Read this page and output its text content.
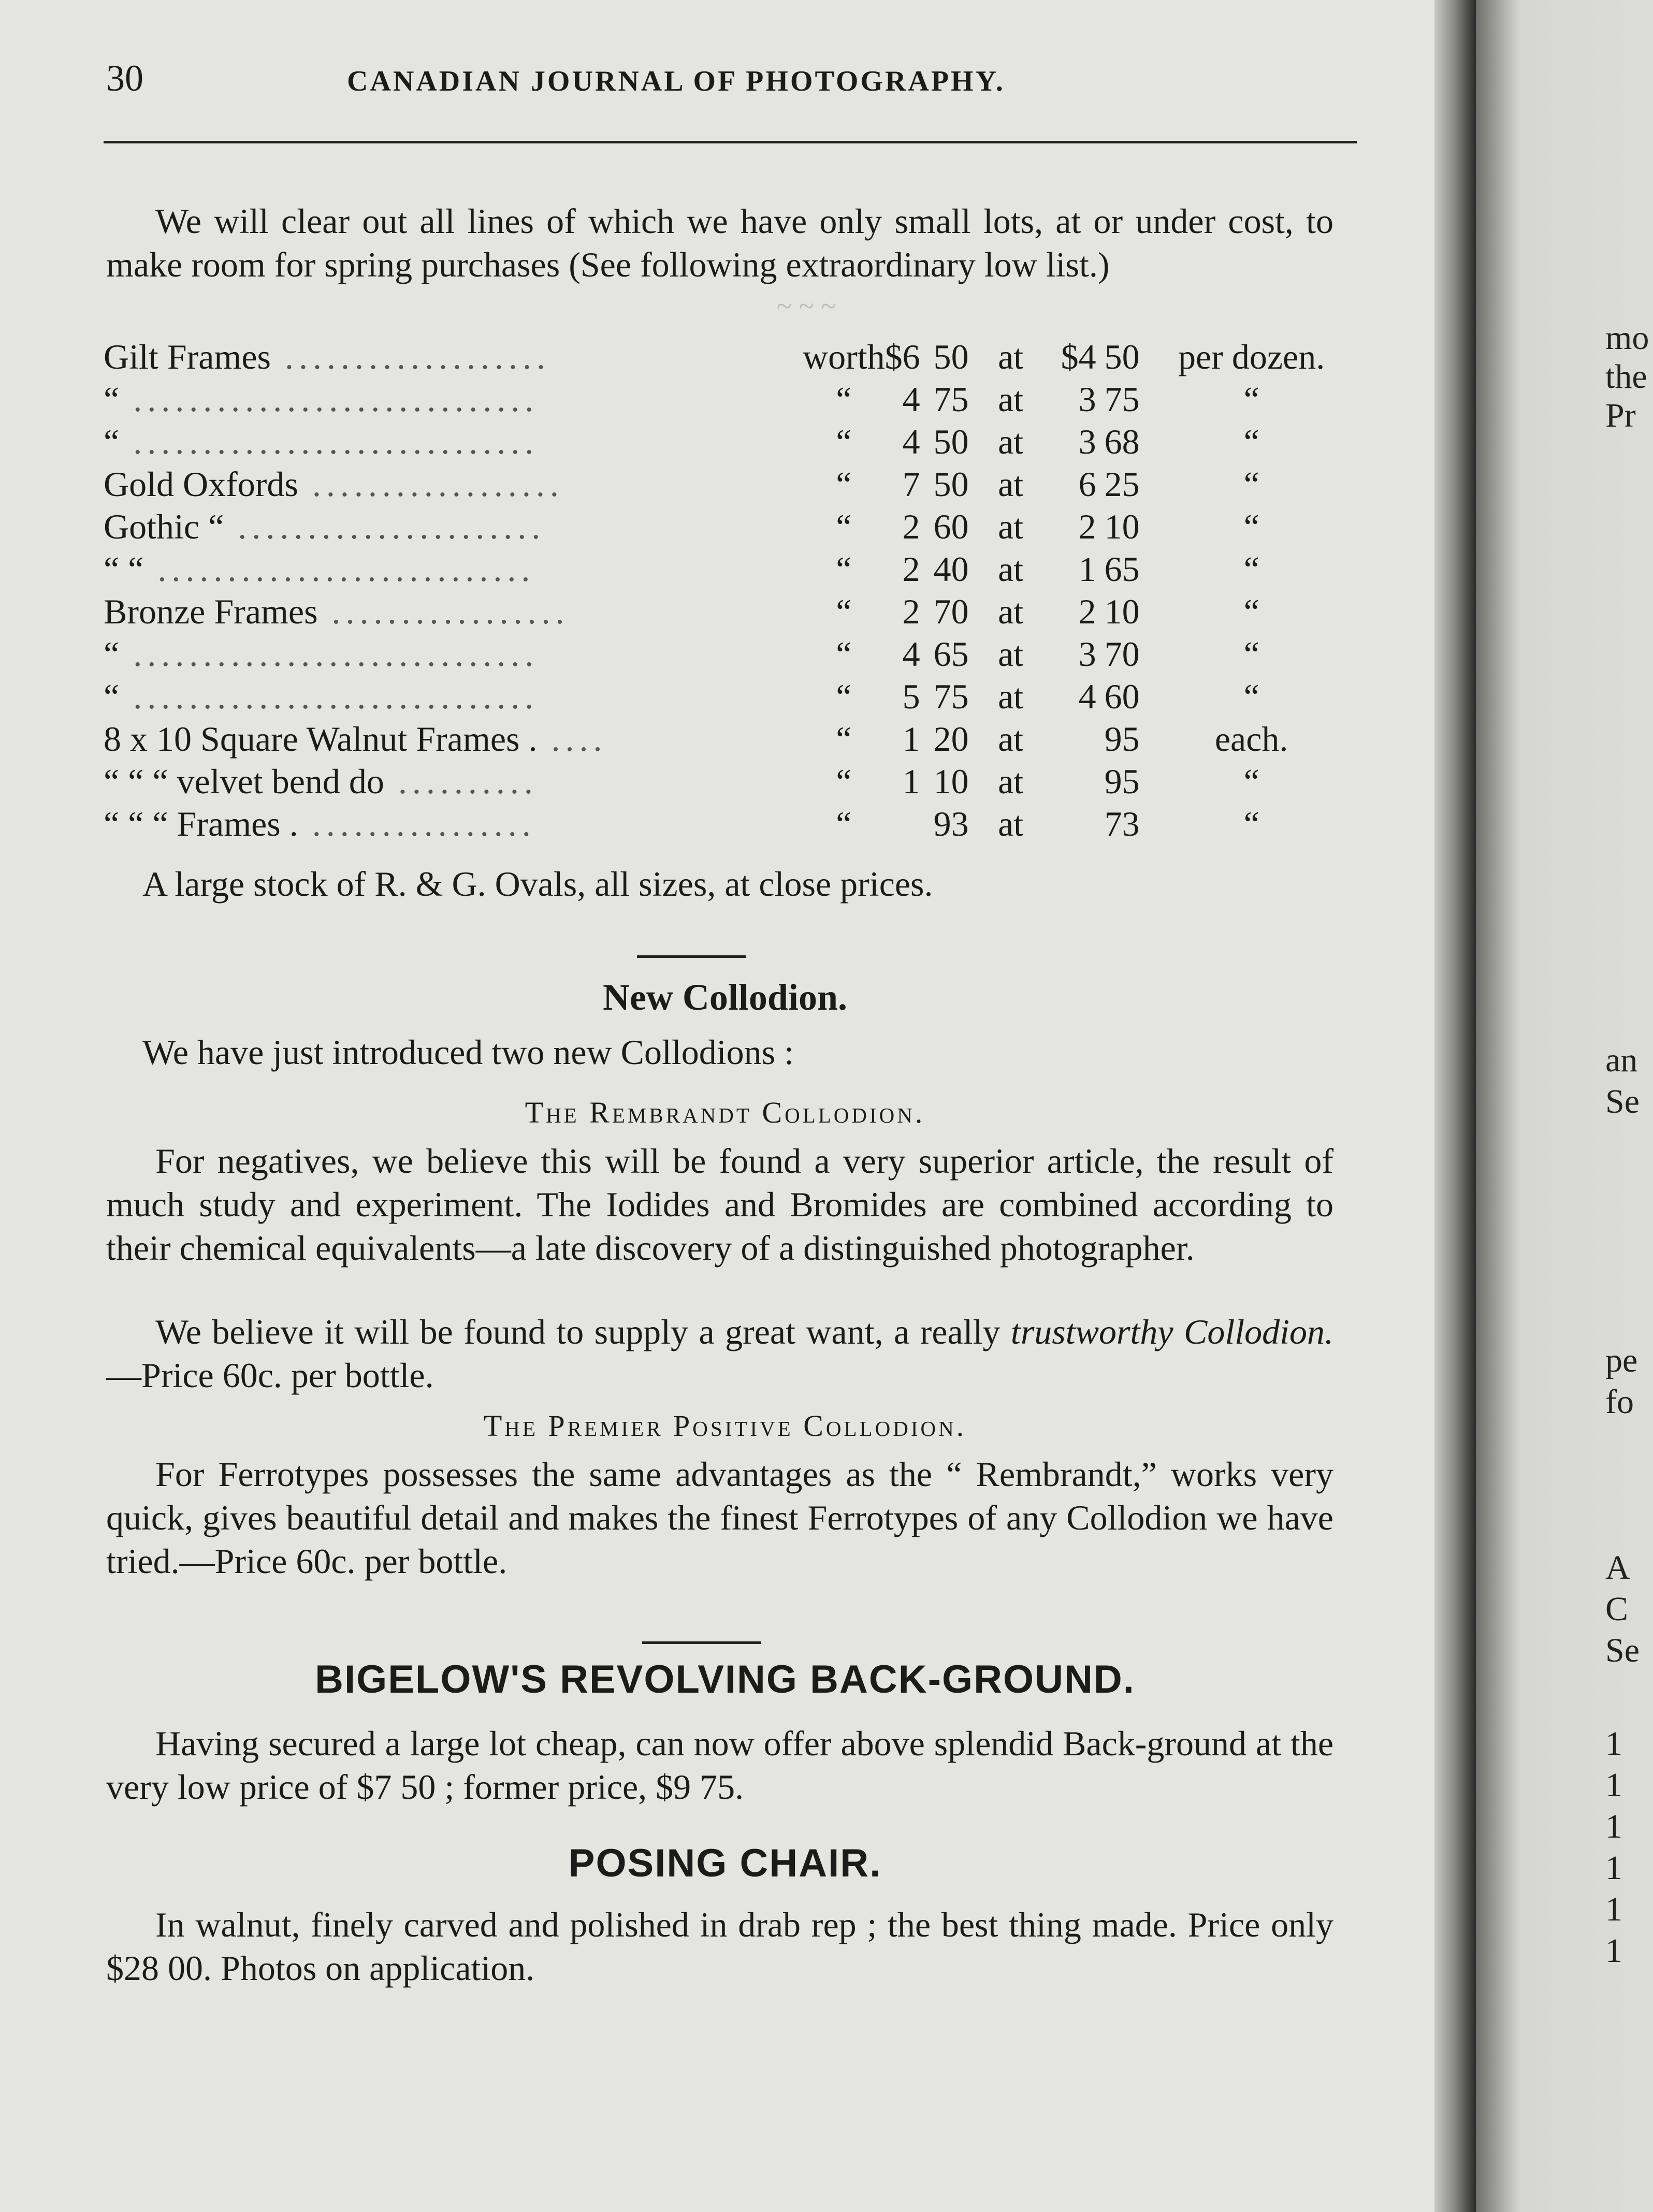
30	CANADIAN JOURNAL OF PHOTOGRAPHY.
~ ~ ~
We will clear out all lines of which we have only small lots, at or under cost, to make room for spring purchases (See following extraordinary low list.)
Gilt Frames ...................	worth	$6	50	at	$4	50	per dozen.
“ .............................	“	4	75	at	3	75	“
“ .............................	“	4	50	at	3	68	“
Gold Oxfords ..................	“	7	50	at	6	25	“
Gothic “ ......................	“	2	60	at	2	10	“
“ “ ...........................	“	2	40	at	1	65	“
Bronze Frames .................	“	2	70	at	2	10	“
“ .............................	“	4	65	at	3	70	“
“ .............................	“	5	75	at	4	60	“
8 x 10 Square Walnut Frames . ....	“	1	20	at		95	each.
“ “ “ velvet bend do ..........	“	1	10	at		95	“
“ “ “ Frames . ................	“		93	at		73	“
A large stock of R. & G. Ovals, all sizes, at close prices.
New Collodion.
We have just introduced two new Collodions :
The Rembrandt Collodion.
For negatives, we believe this will be found a very superior article, the result of much study and experiment. The Iodides and Bromides are combined according to their chemical equivalents—a late discovery of a distinguished photographer.
We believe it will be found to supply a great want, a really trustworthy Collodion.—Price 60c. per bottle.
The Premier Positive Collodion.
For Ferrotypes possesses the same advantages as the “ Rembrandt,” works very quick, gives beautiful detail and makes the finest Ferrotypes of any Collodion we have tried.—Price 60c. per bottle.
BIGELOW'S REVOLVING BACK-GROUND.
Having secured a large lot cheap, can now offer above splendid Back-ground at the very low price of $7 50 ; former price, $9 75.
POSING CHAIR.
In walnut, finely carved and polished in drab rep ; the best thing made. Price only $28 00. Photos on application.
mo
the
Pr
an
Se
pe
fo
A
C
Se
1
1
1
1
1
1
